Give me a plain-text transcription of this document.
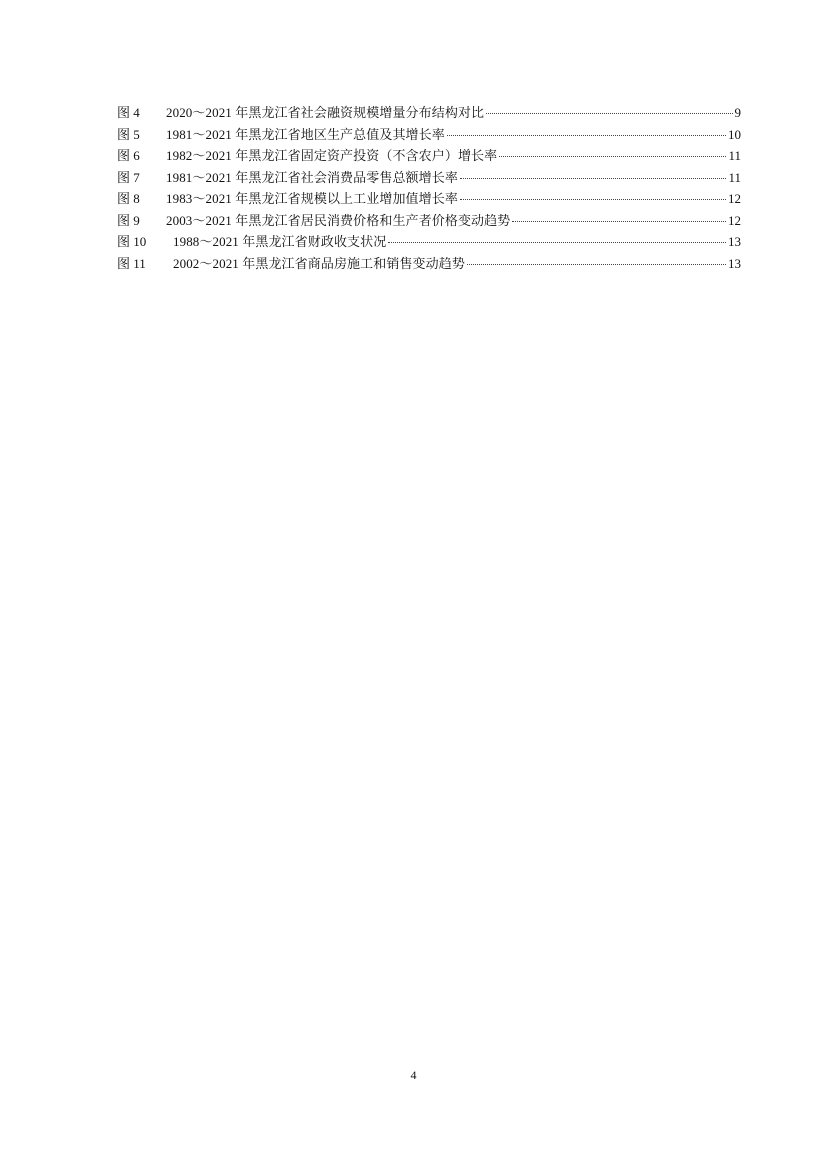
图 4	2020～2021 年黑龙江省社会融资规模增量分布结构对比	9
图 5	1981～2021 年黑龙江省地区生产总值及其增长率	10
图 6	1982～2021 年黑龙江省固定资产投资（不含农户）增长率	11
图 7	1981～2021 年黑龙江省社会消费品零售总额增长率	11
图 8	1983～2021 年黑龙江省规模以上工业增加值增长率	12
图 9	2003～2021 年黑龙江省居民消费价格和生产者价格变动趋势	12
图 10 1988～2021 年黑龙江省财政收支状况	13
图 11 2002～2021 年黑龙江省商品房施工和销售变动趋势	13
4
